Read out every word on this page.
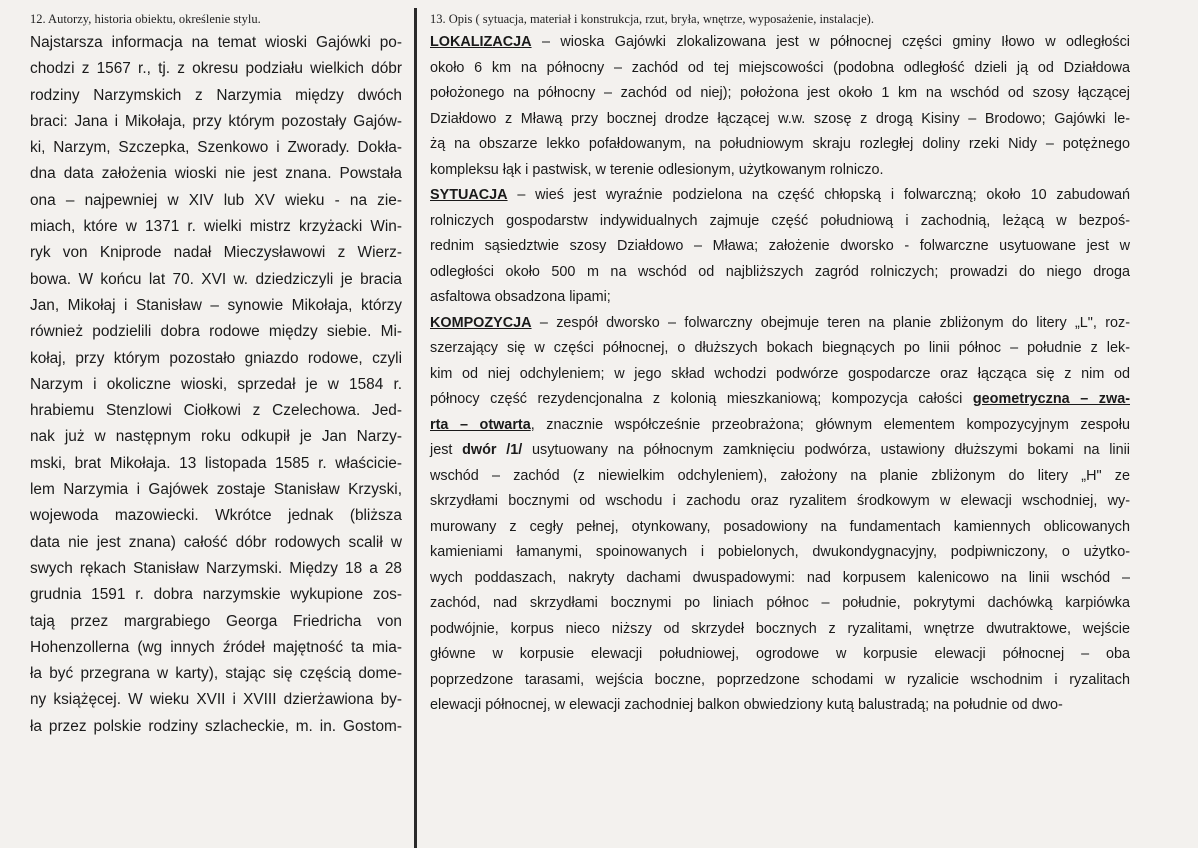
12. Autorzy, historia obiektu, określenie stylu.
Najstarsza informacja na temat wioski Gajówki po-
chodzi z 1567 r., tj. z okresu podziału wielkich dóbr
rodziny Narzymskich z Narzymia między dwóch
braci: Jana i Mikołaja, przy którym pozostały Gajów-
ki, Narzym, Szczepka, Szenkowo i Zworady. Dokła-
dna data założenia wioski nie jest znana. Powstała
ona – najpewniej w XIV lub XV wieku - na zie-
miach, które w 1371 r. wielki mistrz krzyżacki Win-
ryk von Kniprode nadał Mieczysławowi z Wierz-
bowa. W końcu lat 70. XVI w. dziedziczyli je bracia
Jan, Mikołaj i Stanisław – synowie Mikołaja, którzy
również podzielili dobra rodowe między siebie. Mi-
kołaj, przy którym pozostało gniazdo rodowe, czyli
Narzym i okoliczne wioski, sprzedał je w 1584 r.
hrabiemu Stenzlowi Ciołkowi z Czelechowa. Jed-
nak już w następnym roku odkupił je Jan Narzy-
mski, brat Mikołaja. 13 listopada 1585 r. właściciе-
lem Narzymia i Gajówek zostaje Stanisław Krzyski,
wojewoda mazowiecki. Wkrótce jednak (bliższa
data nie jest znana) całość dóbr rodowych scalił w
swych rękach Stanisław Narzymski. Między 18 a 28
grudnia 1591 r. dobra narzymskie wykupione zos-
tają przez margrabiego Georga Friedricha von
Hohenzollerna (wg innych źródeł majętność ta mia-
ła być przegrana w karty), stając się częścią dome-
ny książęcej. W wieku XVII i XVIII dzierżawiona by-
ła przez polskie rodziny szlacheckie, m. in. Gostom-
13. Opis ( sytuacja, materiał i konstrukcja, rzut, bryła, wnętrze, wyposażenie, instalacje).
LOKALIZACJA – wioska Gajówki zlokalizowana jest w północnej części gminy Iłowo w odległości
około 6 km na północny – zachód od tej miejscowości (podobna odległość dzieli ją od Działdowa
położonego na północny – zachód od niej); położona jest około 1 km na wschód od szosy łączącej
Działdowo z Mławą przy bocznej drodze łączącej w.w. szosę z drogą Kisiny – Brodowo; Gajówki le-
żą na obszarze lekko pofałdowanym, na południowym skraju rozległej doliny rzeki Nidy – potężnego
kompleksu łąk i pastwisk, w terenie odlesionym, użytkowanym rolniczo.
SYTUACJA – wieś jest wyraźnie podzielona na część chłopską i folwarczną; około 10 zabudowań
rolniczych gospodarstw indywidualnych zajmuje część południową i zachodnią, leżącą w bezpoś-
rednim sąsiedztwie szosy Działdowo – Mława; założenie dworsko - folwarczne usytuowane jest w
odległości około 500 m na wschód od najbliższych zagród rolniczych; prowadzi do niego droga
asfaltowa obsadzona lipami;
KOMPOZYCJA – zespół dworsko – folwarczny obejmuje teren na planie zbliżonym do litery „L", roz-
szerzający się w części północnej, o dłuższych bokach biegnących po linii północ – południe z lek-
kim od niej odchyleniem; w jego skład wchodzi podwórze gospodarcze oraz łącząca się z nim od
północy część rezydencjonalna z kolonią mieszkaniową; kompozycja całości geometryczna – zwa-
rta – otwarta, znacznie współcześnie przeobrażona; głównym elementem kompozycyjnym zespołu
jest dwór /1/ usytuowany na północnym zamknięciu podwórza, ustawiony dłuższymi bokami na linii
wschód – zachód (z niewielkim odchyleniem), założony na planie zbliżonym do litery „H" ze
skrzydłami bocznymi od wschodu i zachodu oraz ryzalitem środkowym w elewacji wschodniej, wy-
murowany z cegły pełnej, otynkowany, posadowiony na fundamentach kamiennych oblicowanych
kamieniami łamanymi, spoinowanych i pobielonych, dwukondygnacyjny, podpiwniczony, o użytko-
wych poddaszach, nakryty dachami dwuspadowymi: nad korpusem kalenicowo na linii wschód –
zachód, nad skrzydłami bocznymi po liniach północ – południe, pokrytymi dachówką karpiówka
podwójnie, korpus nieco niższy od skrzydeł bocznych z ryzalitami, wnętrze dwutraktowe, wejście
główne w korpusie elewacji południowej, ogrodowe w korpusie elewacji północnej – oba
poprzedzone tarasami, wejścia boczne, poprzedzone schodami w ryzalicie wschodnim i ryzalitach
elewacji północnej, w elewacji zachodniej balkon obwiedziony kutą balustradą; na południe od dwo-
